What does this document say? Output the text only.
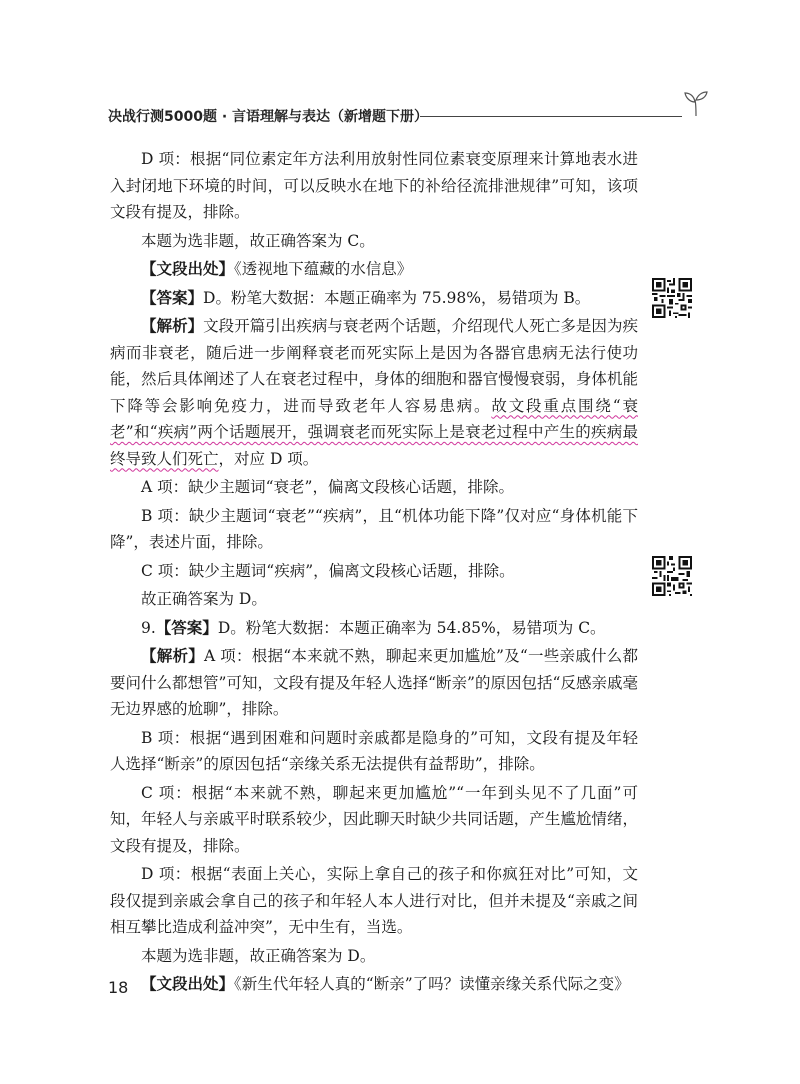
决战行测5000题 · 言语理解与表达（新增题下册）

D 项：根据“同位素定年方法利用放射性同位素衰变原理来计算地表水进入封闭地下环境的时间，可以反映水在地下的补给径流排泄规律”可知，该项文段有提及，排除。

本题为选非题，故正确答案为 C。

【文段出处】《透视地下蕴藏的水信息》

【答案】D。粉笔大数据：本题正确率为 75.98%，易错项为 B。

【解析】文段开篇引出疾病与衰老两个话题，介绍现代人死亡多是因为疾病而非衰老，随后进一步阐释衰老而死实际上是因为各器官患病无法行使功能，然后具体阐述了人在衰老过程中，身体的细胞和器官慢慢衰弱，身体机能下降等会影响免疫力，进而导致老年人容易患病。故文段重点围绕“衰老”和“疾病”两个话题展开，强调衰老而死实际上是衰老过程中产生的疾病最终导致人们死亡，对应 D 项。

A 项：缺少主题词“衰老”，偏离文段核心话题，排除。

B 项：缺少主题词“衰老”“疾病”，且“机体功能下降”仅对应“身体机能下降”，表述片面，排除。

C 项：缺少主题词“疾病”，偏离文段核心话题，排除。

故正确答案为 D。

9.【答案】D。粉笔大数据：本题正确率为 54.85%，易错项为 C。

【解析】A 项：根据“本来就不熟，聊起来更加尴尬”及“一些亲戚什么都要问什么都想管”可知，文段有提及年轻人选择“断亲”的原因包括“反感亲戚毫无边界感的尬聊”，排除。

B 项：根据“遇到困难和问题时亲戚都是隐身的”可知，文段有提及年轻人选择“断亲”的原因包括“亲缘关系无法提供有益帮助”，排除。

C 项：根据“本来就不熟，聊起来更加尴尬”“一年到头见不了几面”可知，年轻人与亲戚平时联系较少，因此聊天时缺少共同话题，产生尴尬情绪，文段有提及，排除。

D 项：根据“表面上关心，实际上拿自己的孩子和你疯狂对比”可知，文段仅提到亲戚会拿自己的孩子和年轻人本人进行对比，但并未提及“亲戚之间相互攀比造成利益冲突”，无中生有，当选。

本题为选非题，故正确答案为 D。

【文段出处】《新生代年轻人真的“断亲”了吗？读懂亲缘关系代际之变》

18
